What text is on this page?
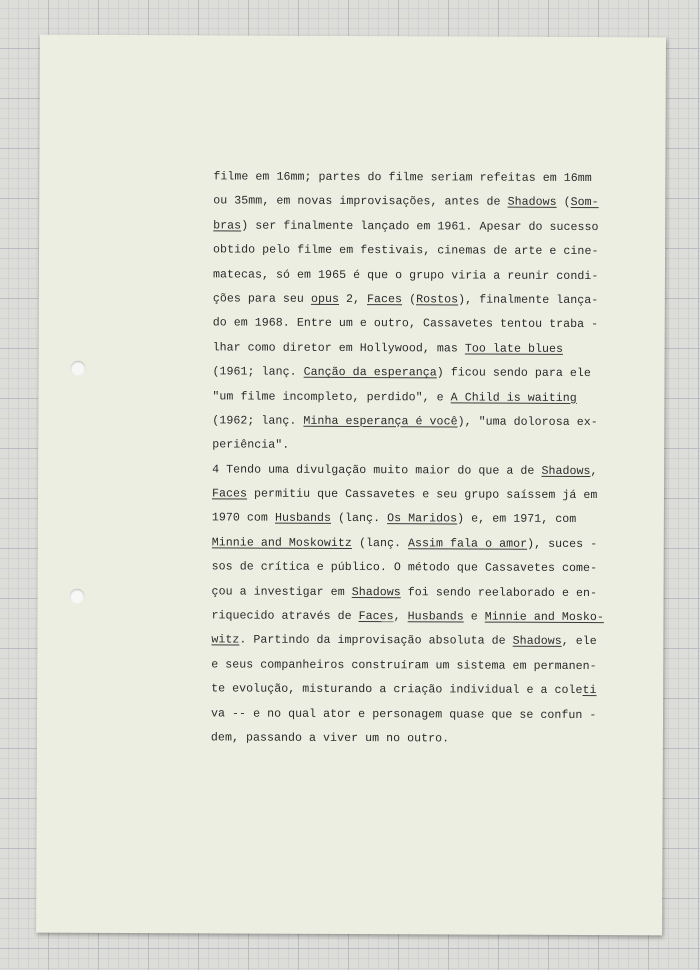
filme em 16mm; partes do filme seriam refeitas em 16mm
ou 35mm, em novas improvisações, antes de Shadows (Som-
bras) ser finalmente lançado em 1961. Apesar do sucesso
obtido pelo filme em festivais, cinemas de arte e cine-
matecas, só em 1965 é que o grupo viria a reunir condi-
ções para seu opus 2, Faces (Rostos), finalmente lança-
do em 1968. Entre um e outro, Cassavetes tentou traba -
lhar como diretor em Hollywood, mas Too late blues
(1961; lanç. Canção da esperança) ficou sendo para ele
"um filme incompleto, perdido", e A Child is waiting
(1962; lanç. Minha esperança é você), "uma dolorosa ex-
periência".
4 Tendo uma divulgação muito maior do que a de Shadows,
Faces permitiu que Cassavetes e seu grupo saíssem já em
1970 com Husbands (lanç. Os Maridos) e, em 1971, com
Minnie and Moskowitz (lanç. Assim fala o amor), suces -
sos de crítica e público. O método que Cassavetes come-
çou a investigar em Shadows foi sendo reelaborado e en-
riquecido através de Faces, Husbands e Minnie and Mosko-
witz. Partindo da improvisação absoluta de Shadows, ele
e seus companheiros construíram um sistema em permanen-
te evolução, misturando a criação individual e a coleti
va -- e no qual ator e personagem quase que se confun -
dem, passando a viver um no outro.
